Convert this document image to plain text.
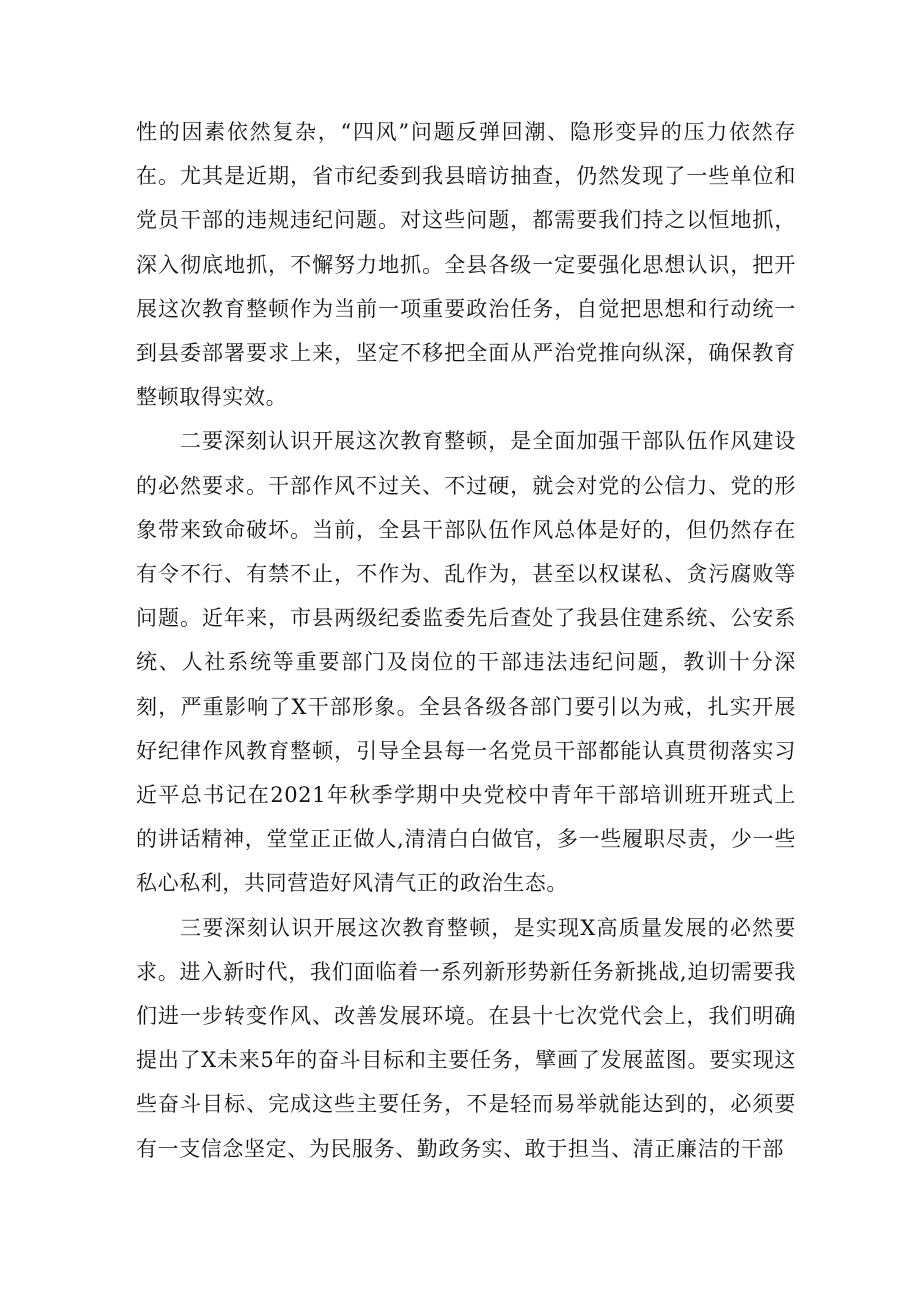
性的因素依然复杂，“四风”问题反弹回潮、隐形变异的压力依然存在。尤其是近期，省市纪委到我县暗访抽查，仍然发现了一些单位和党员干部的违规违纪问题。对这些问题，都需要我们持之以恒地抓，深入彻底地抓，不懈努力地抓。全县各级一定要强化思想认识，把开展这次教育整顿作为当前一项重要政治任务，自觉把思想和行动统一到县委部署要求上来，坚定不移把全面从严治党推向纵深，确保教育整顿取得实效。

二要深刻认识开展这次教育整顿，是全面加强干部队伍作风建设的必然要求。干部作风不过关、不过硬，就会对党的公信力、党的形象带来致命破坏。当前，全县干部队伍作风总体是好的，但仍然存在有令不行、有禁不止，不作为、乱作为，甚至以权谋私、贪污腐败等问题。近年来，市县两级纪委监委先后查处了我县住建系统、公安系统、人社系统等重要部门及岗位的干部违法违纪问题，教训十分深刻，严重影响了X干部形象。全县各级各部门要引以为戒，扎实开展好纪律作风教育整顿，引导全县每一名党员干部都能认真贯彻落实习近平总书记在2021年秋季学期中央党校中青年干部培训班开班式上的讲话精神，堂堂正正做人,清清白白做官，多一些履职尽责，少一些私心私利，共同营造好风清气正的政治生态。

三要深刻认识开展这次教育整顿，是实现X高质量发展的必然要求。进入新时代，我们面临着一系列新形势新任务新挑战,迫切需要我们进一步转变作风、改善发展环境。在县十七次党代会上，我们明确提出了X未来5年的奋斗目标和主要任务，擘画了发展蓝图。要实现这些奋斗目标、完成这些主要任务，不是轻而易举就能达到的，必须要有一支信念坚定、为民服务、勤政务实、敢于担当、清正廉洁的干部
